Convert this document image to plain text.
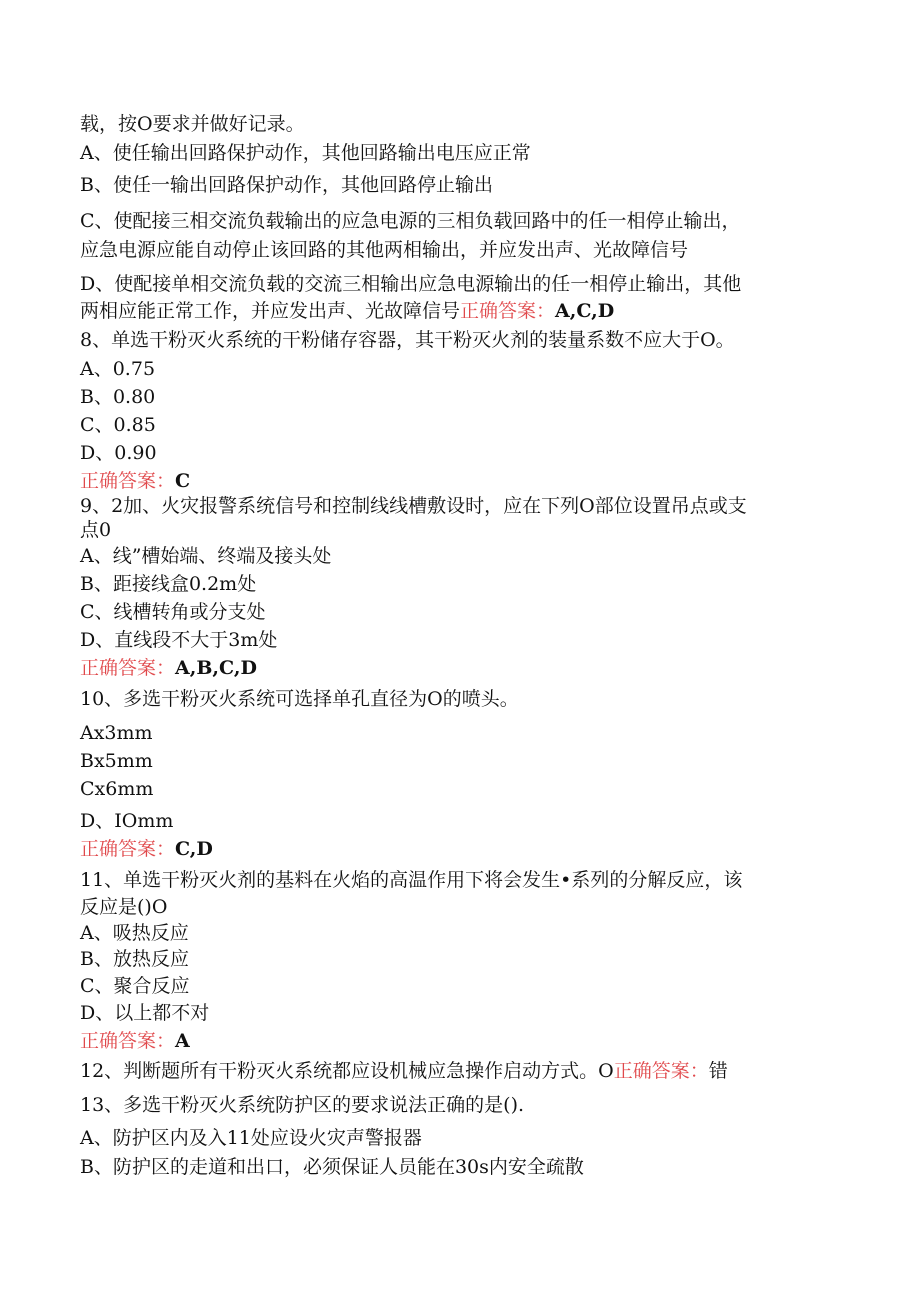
载，按O要求并做好记录。
A、使任输出回路保护动作，其他回路输出电压应正常
B、使任一输出回路保护动作，其他回路停止输出
C、使配接三相交流负载输出的应急电源的三相负载回路中的任一相停止输出，
应急电源应能自动停止该回路的其他两相输出，并应发出声、光故障信号
D、使配接单相交流负载的交流三相输出应急电源输出的任一相停止输出，其他
两相应能正常工作，并应发出声、光故障信号正确答案：A,C,D
8、单选干粉灭火系统的干粉储存容器，其干粉灭火剂的装量系数不应大于O。
A、0.75
B、0.80
C、0.85
D、0.90
正确答案：C
9、2加、火灾报警系统信号和控制线线槽敷设时，应在下列O部位设置吊点或支
点0
A、线”槽始端、终端及接头处
B、距接线盒0.2m处
C、线槽转角或分支处
D、直线段不大于3m处
正确答案：A,B,C,D
10、多选干粉灭火系统可选择单孔直径为O的喷头。
Ax3mm
Bx5mm
Cx6mm
D、IOmm
正确答案：C,D
11、单选干粉灭火剂的基料在火焰的高温作用下将会发生•系列的分解反应，该
反应是()O
A、吸热反应
B、放热反应
C、聚合反应
D、以上都不对
正确答案：A
12、判断题所有干粉灭火系统都应设机械应急操作启动方式。O正确答案：错
13、多选干粉灭火系统防护区的要求说法正确的是().
A、防护区内及入11处应设火灾声警报器
B、防护区的走道和出口，必须保证人员能在30s内安全疏散
